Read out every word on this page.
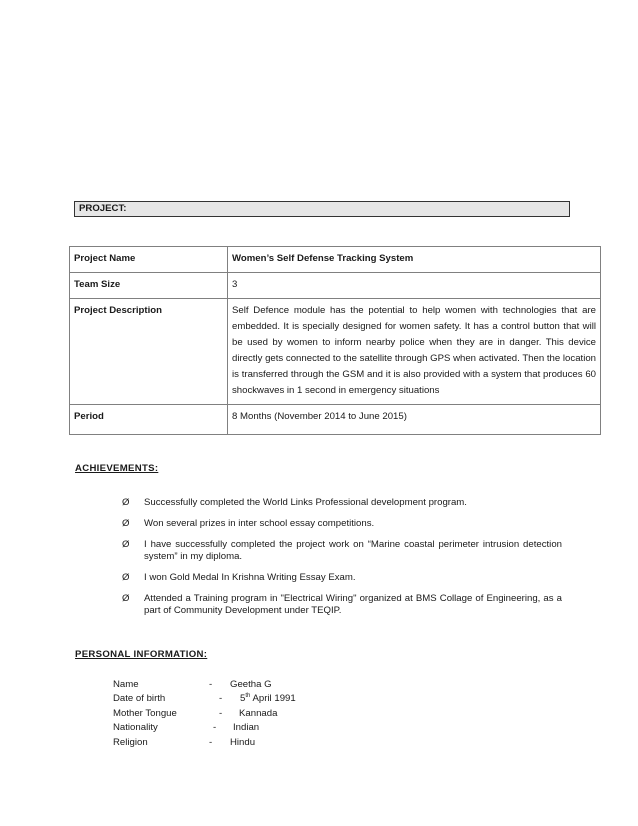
PROJECT:
Project Name	Women’s Self Defense Tracking System
Team Size	3
Project Description	Self Defence module has the potential to help women with technologies that are embedded. It is specially designed for women safety. It has a control button that will be used by women to inform nearby police when they are in danger. This device directly gets connected to the satellite through GPS when activated. Then the location is transferred through the GSM and it is also provided with a system that produces 60 shockwaves in 1 second in emergency situations
Period	8 Months (November 2014 to June 2015)
ACHIEVEMENTS:
Ø Successfully completed the World Links Professional development program.
Ø Won several prizes in inter school essay competitions.
Ø I have successfully completed the project work on “Marine coastal perimeter intrusion detection system” in my diploma.
Ø I won Gold Medal In Krishna Writing Essay Exam.
Ø Attended a Training program in "Electrical Wiring" organized at BMS Collage of Engineering, as a part of Community Development under TEQIP.
PERSONAL INFORMATION:
Name	- Geetha G
Date of birth	- 5th April 1991
Mother Tongue	- Kannada
Nationality	- Indian
Religion	- Hindu
